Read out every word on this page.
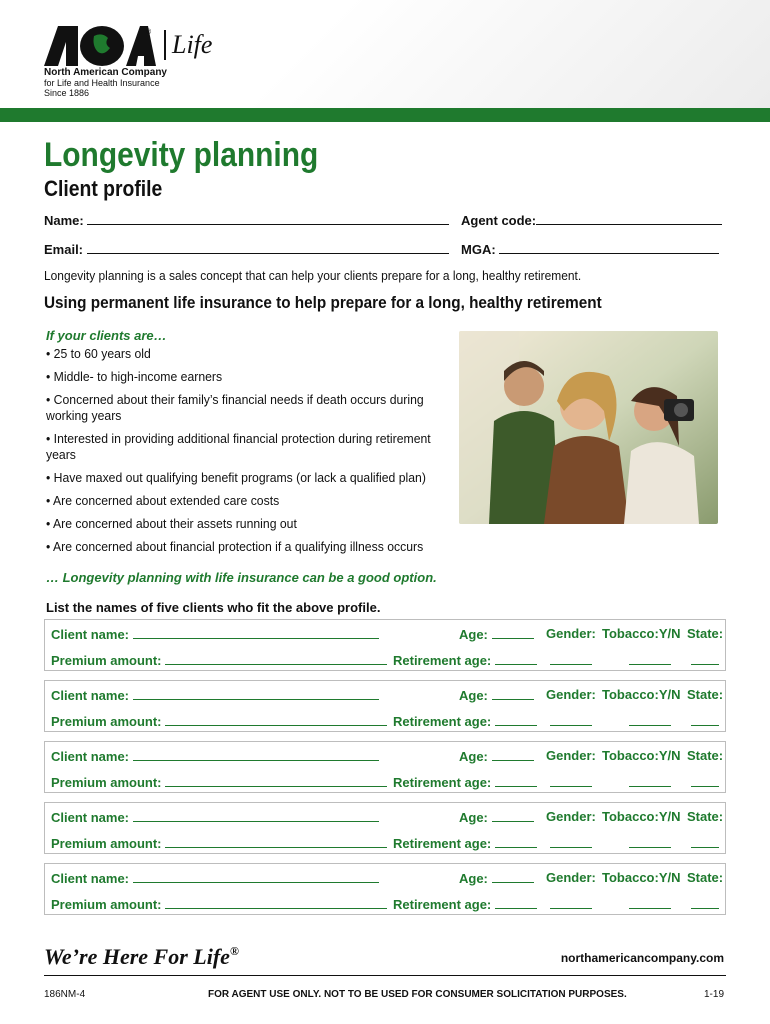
® Life
North American Company
for Life and Health Insurance
Since 1886
Longevity planning
Client profile
Name:	Agent code:
Email:	MGA:
Longevity planning is a sales concept that can help your clients prepare for a long, healthy retirement.
Using permanent life insurance to help prepare for a long, healthy retirement
If your clients are…
• 25 to 60 years old
• Middle- to high-income earners
• Concerned about their family’s financial needs if death occurs during working years
• Interested in providing additional financial protection during retirement years
• Have maxed out qualifying benefit programs (or lack a qualified plan)
• Are concerned about extended care costs
• Are concerned about their assets running out
• Are concerned about financial protection if a qualifying illness occurs
… Longevity planning with life insurance can be a good option.
List the names of five clients who fit the above profile.
Client name:	Age:	Gender: Tobacco:Y/N State:
Premium amount:	Retirement age:
Client name:	Age:	Gender: Tobacco:Y/N State:
Premium amount:	Retirement age:
Client name:	Age:	Gender: Tobacco:Y/N State:
Premium amount:	Retirement age:
Client name:	Age:	Gender: Tobacco:Y/N State:
Premium amount:	Retirement age:
Client name:	Age:	Gender: Tobacco:Y/N State:
Premium amount:	Retirement age:
We’re Here For Life®	northamericancompany.com
186NM-4	FOR AGENT USE ONLY. NOT TO BE USED FOR CONSUMER SOLICITATION PURPOSES.	1-19
